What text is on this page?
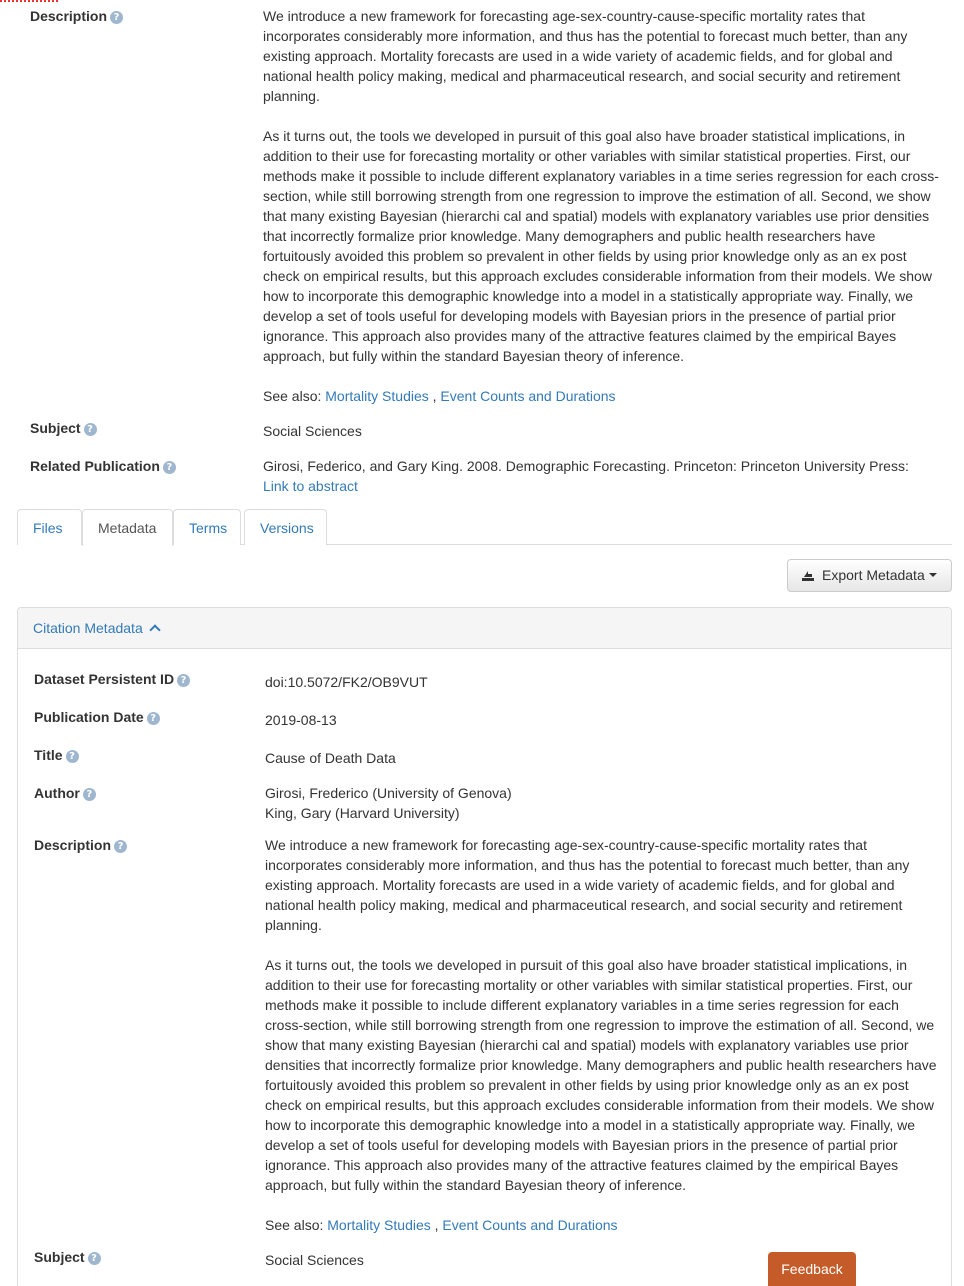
Description ?	We introduce a new framework for forecasting age-sex-country-cause-specific mortality rates that incorporates considerably more information, and thus has the potential to forecast much better, than any existing approach. Mortality forecasts are used in a wide variety of academic fields, and for global and national health policy making, medical and pharmaceutical research, and social security and retirement planning.

As it turns out, the tools we developed in pursuit of this goal also have broader statistical implications, in addition to their use for forecasting mortality or other variables with similar statistical properties. First, our methods make it possible to include different explanatory variables in a time series regression for each cross-section, while still borrowing strength from one regression to improve the estimation of all. Second, we show that many existing Bayesian (hierarchi cal and spatial) models with explanatory variables use prior densities that incorrectly formalize prior knowledge. Many demographers and public health researchers have fortuitously avoided this problem so prevalent in other fields by using prior knowledge only as an ex post check on empirical results, but this approach excludes considerable information from their models. We show how to incorporate this demographic knowledge into a model in a statistically appropriate way. Finally, we develop a set of tools useful for developing models with Bayesian priors in the presence of partial prior ignorance. This approach also provides many of the attractive features claimed by the empirical Bayes approach, but fully within the standard Bayesian theory of inference.

See also: Mortality Studies , Event Counts and Durations

Subject ?	Social Sciences
Related Publication ?	Girosi, Federico, and Gary King. 2008. Demographic Forecasting. Princeton: Princeton University Press:
Link to abstract
Files	Metadata	Terms	Versions
Export Metadata
Citation Metadata
Dataset Persistent ID ?	doi:10.5072/FK2/OB9VUT
Publication Date ?	2019-08-13
Title ?	Cause of Death Data
Author ?	Girosi, Frederico (University of Genova)
King, Gary (Harvard University)
Description ?	We introduce a new framework for forecasting age-sex-country-cause-specific mortality rates that incorporates considerably more information, and thus has the potential to forecast much better, than any existing approach. Mortality forecasts are used in a wide variety of academic fields, and for global and national health policy making, medical and pharmaceutical research, and social security and retirement planning.

As it turns out, the tools we developed in pursuit of this goal also have broader statistical implications, in addition to their use for forecasting mortality or other variables with similar statistical properties. First, our methods make it possible to include different explanatory variables in a time series regression for each cross-section, while still borrowing strength from one regression to improve the estimation of all. Second, we show that many existing Bayesian (hierarchi cal and spatial) models with explanatory variables use prior densities that incorrectly formalize prior knowledge. Many demographers and public health researchers have fortuitously avoided this problem so prevalent in other fields by using prior knowledge only as an ex post check on empirical results, but this approach excludes considerable information from their models. We show how to incorporate this demographic knowledge into a model in a statistically appropriate way. Finally, we develop a set of tools useful for developing models with Bayesian priors in the presence of partial prior ignorance. This approach also provides many of the attractive features claimed by the empirical Bayes approach, but fully within the standard Bayesian theory of inference.

See also: Mortality Studies , Event Counts and Durations

Subject ?	Social Sciences
Feedback
